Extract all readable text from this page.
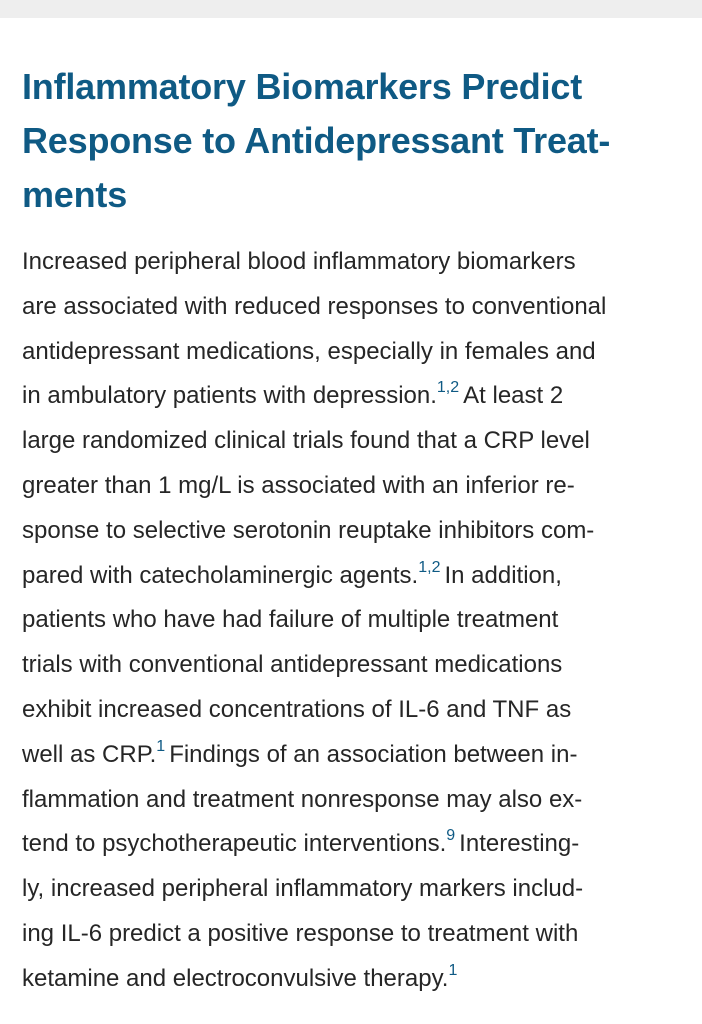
Inflammatory Biomarkers Predict
Response to Antidepressant Treat-
ments
Increased peripheral blood inflammatory biomarkers
are associated with reduced responses to conventional
antidepressant medications, especially in females and
in ambulatory patients with depression.$^{1,2}$ At least 2
large randomized clinical trials found that a CRP level
greater than 1 mg/L is associated with an inferior re-
sponse to selective serotonin reuptake inhibitors com-
pared with catecholaminergic agents.$^{1,2}$ In addition,
patients who have had failure of multiple treatment
trials with conventional antidepressant medications
exhibit increased concentrations of IL-6 and TNF as
well as CRP.$^1$ Findings of an association between in-
flammation and treatment nonresponse may also ex-
tend to psychotherapeutic interventions.$^9$ Interesting-
ly, increased peripheral inflammatory markers includ-
ing IL-6 predict a positive response to treatment with
ketamine and electroconvulsive therapy.$^1$
